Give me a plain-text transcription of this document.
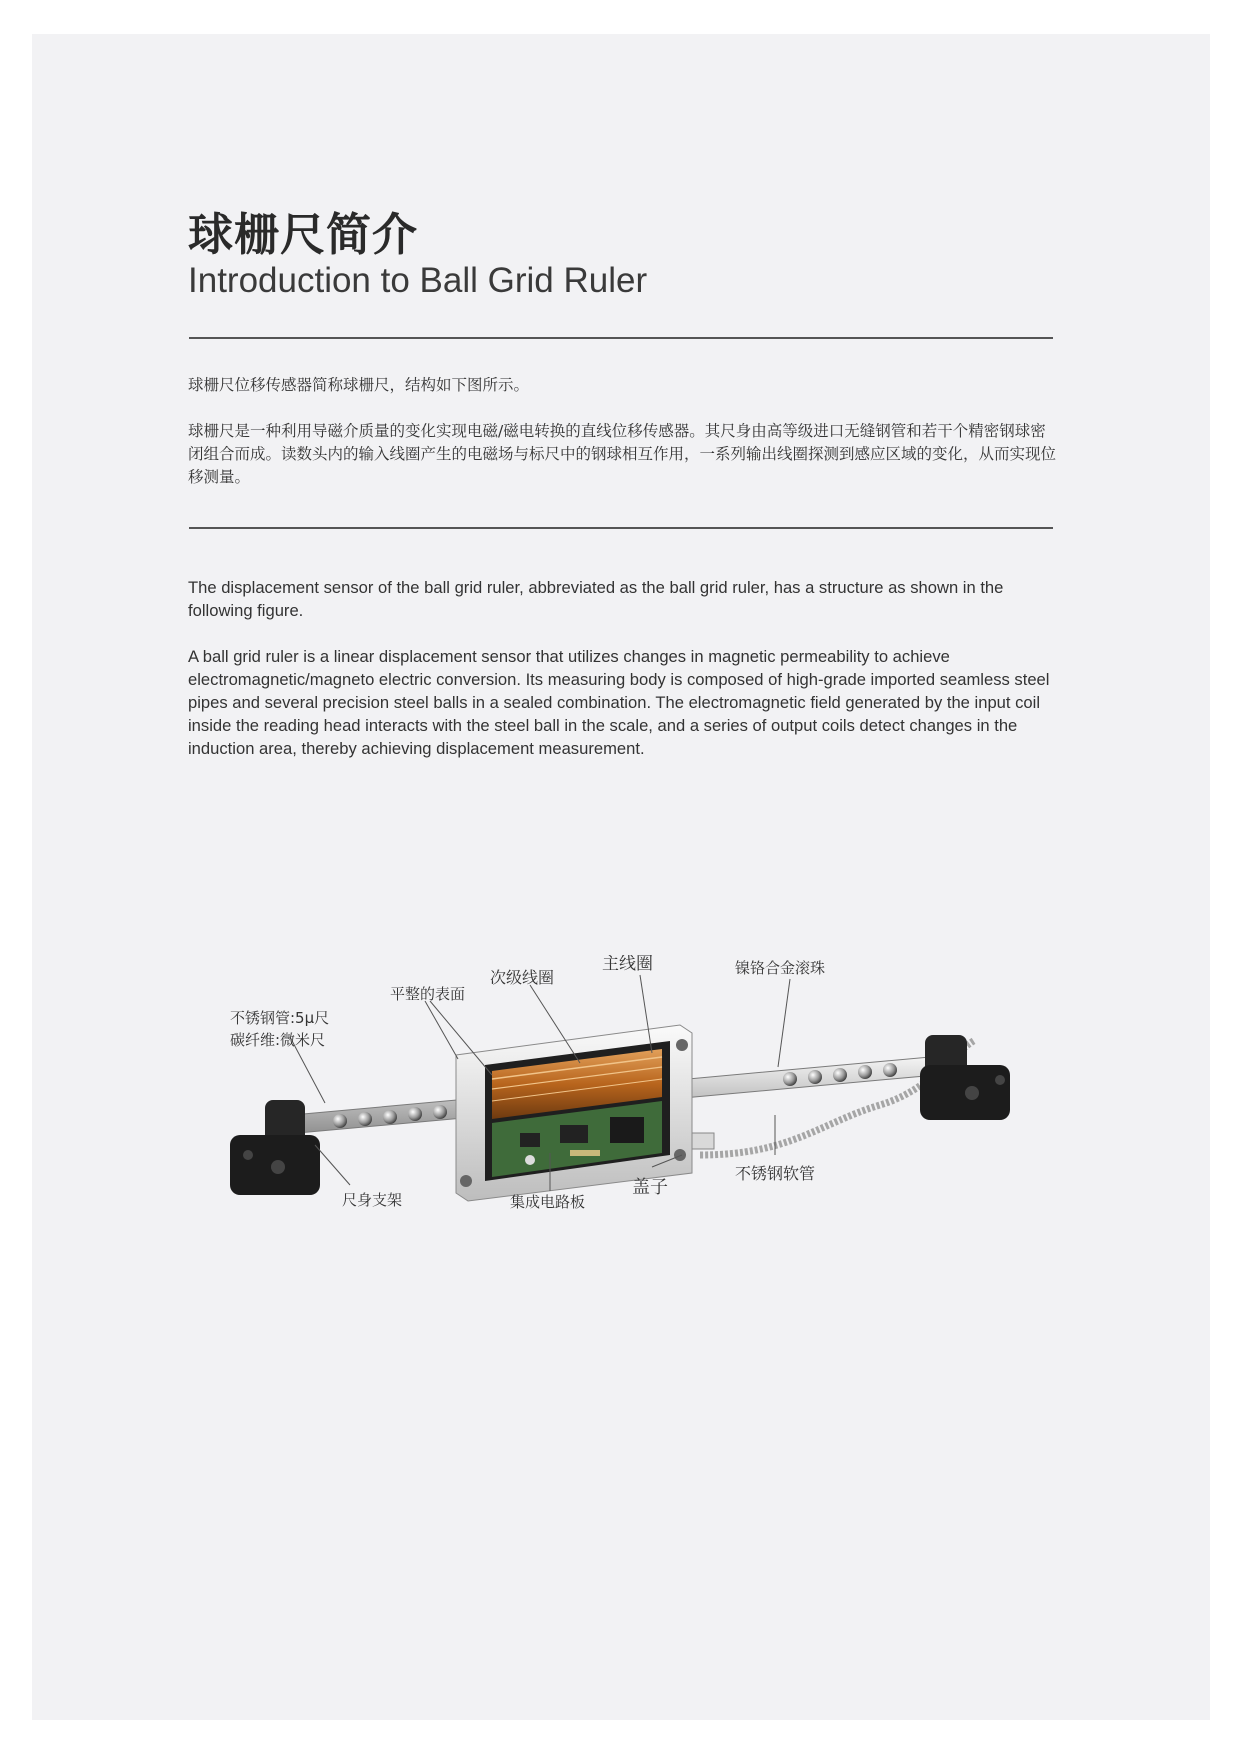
球栅尺简介
Introduction to Ball Grid Ruler

球栅尺位移传感器简称球栅尺，结构如下图所示。

球栅尺是一种利用导磁介质量的变化实现电磁/磁电转换的直线位移传感器。其尺身由高等级进口无缝钢管和若干个精密钢球密闭组合而成。读数头内的输入线圈产生的电磁场与标尺中的钢球相互作用，一系列输出线圈探测到感应区域的变化，从而实现位移测量。

The displacement sensor of the ball grid ruler, abbreviated as the ball grid ruler, has a structure as shown in the following figure.

A ball grid ruler is a linear displacement sensor that utilizes changes in magnetic permeability to achieve electromagnetic/magneto electric conversion. Its measuring body is composed of high-grade imported seamless steel pipes and several precision steel balls in a sealed combination. The electromagnetic field generated by the input coil inside the reading head interacts with the steel ball in the scale, and a series of output coils detect changes in the induction area, thereby achieving displacement measurement.

不锈钢管:5μ尺
碳纤维:微米尺
平整的表面
次级线圈
主线圈	镍铬合金滚珠
尺身支架	集成电路板
盖子
不锈钢软管
